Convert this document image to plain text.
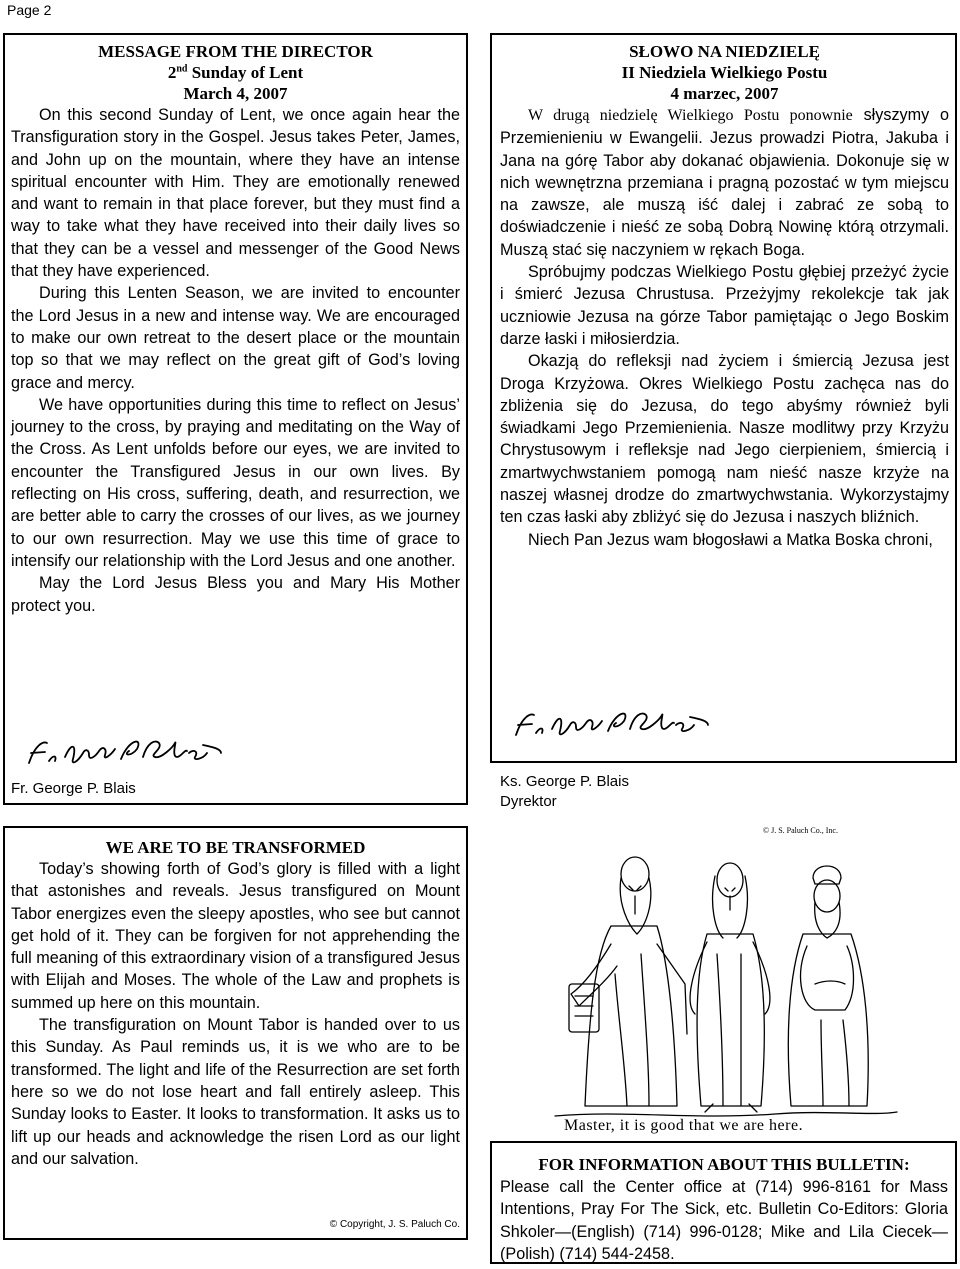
Page 2
MESSAGE FROM THE DIRECTOR
2nd Sunday of Lent
March 4, 2007

On this second Sunday of Lent, we once again hear the Transfiguration story in the Gospel. Jesus takes Peter, James, and John up on the mountain, where they have an intense spiritual encounter with Him. They are emotionally renewed and want to remain in that place forever, but they must find a way to take what they have received into their daily lives so that they can be a vessel and messenger of the Good News that they have experienced.

During this Lenten Season, we are invited to encounter the Lord Jesus in a new and intense way. We are encouraged to make our own retreat to the desert place or the mountain top so that we may reflect on the great gift of God’s loving grace and mercy.

We have opportunities during this time to reflect on Jesus’ journey to the cross, by praying and meditating on the Way of the Cross. As Lent unfolds before our eyes, we are invited to encounter the Transfigured Jesus in our own lives. By reflecting on His cross, suffering, death, and resurrection, we are better able to carry the crosses of our lives, as we journey to our own resurrection. May we use this time of grace to intensify our relationship with the Lord Jesus and one another.

May the Lord Jesus Bless you and Mary His Mother protect you.

Fr. George P. Blais
SŁOWO NA NIEDZIELĘ
II Niedziela Wielkiego Postu
4 marzec, 2007

W drugą niedzielę Wielkiego Postu ponownie słyszymy o Przemienieniu w Ewangelii. Jezus prowadzi Piotra, Jakuba i Jana na górę Tabor aby dokanać objawienia. Dokonuje się w nich wewnętrzna przemiana i pragną pozostać w tym miejscu na zawsze, ale muszą iść dalej i zabrać ze sobą to doświadczenie i nieść ze sobą Dobrą Nowinę którą otrzymali. Muszą stać się naczyniem w rękach Boga.

Spróbujmy podczas Wielkiego Postu głębiej przeżyć życie i śmierć Jezusa Chrustusa. Przeżyjmy rekolekcje tak jak uczniowie Jezusa na górze Tabor pamiętając o Jego Boskim darze łaski i miłosierdzia.

Okazją do refleksji nad życiem i śmiercią Jezusa jest Droga Krzyżowa. Okres Wielkiego Postu zachęca nas do zbliżenia się do Jezusa, do tego abyśmy również byli świadkami Jego Przemienienia. Nasze modlitwy przy Krzyżu Chrystusowym i refleksje nad Jego cierpieniem, śmiercią i zmartwychwstaniem pomogą nam nieść nasze krzyże na naszej własnej drodze do zmartwychwstania. Wykorzystajmy ten czas łaski aby zbliżyć się do Jezusa i naszych bliźnich.

Niech Pan Jezus wam błogosławi a Matka Boska chroni,

Ks. George P. Blais
Dyrektor
WE ARE TO BE TRANSFORMED

Today’s showing forth of God’s glory is filled with a light that astonishes and reveals. Jesus transfigured on Mount Tabor energizes even the sleepy apostles, who see but cannot get hold of it. They can be forgiven for not apprehending the full meaning of this extraordinary vision of a transfigured Jesus with Elijah and Moses. The whole of the Law and prophets is summed up here on this mountain.

The transfiguration on Mount Tabor is handed over to us this Sunday. As Paul reminds us, it is we who are to be transformed. The light and life of the Resurrection are set forth here so we do not lose heart and fall entirely asleep. This Sunday looks to Easter. It looks to transformation. It asks us to lift up our heads and acknowledge the risen Lord as our light and our salvation.

© Copyright, J. S. Paluch Co.
© J. S. Paluch Co., Inc.
Master, it is good that we are here.
FOR INFORMATION ABOUT THIS BULLETIN:
Please call the Center office at (714) 996-8161 for Mass Intentions, Pray For The Sick, etc. Bulletin Co-Editors: Gloria Shkoler—(English) (714) 996-0128; Mike and Lila Ciecek—(Polish) (714) 544-2458.
